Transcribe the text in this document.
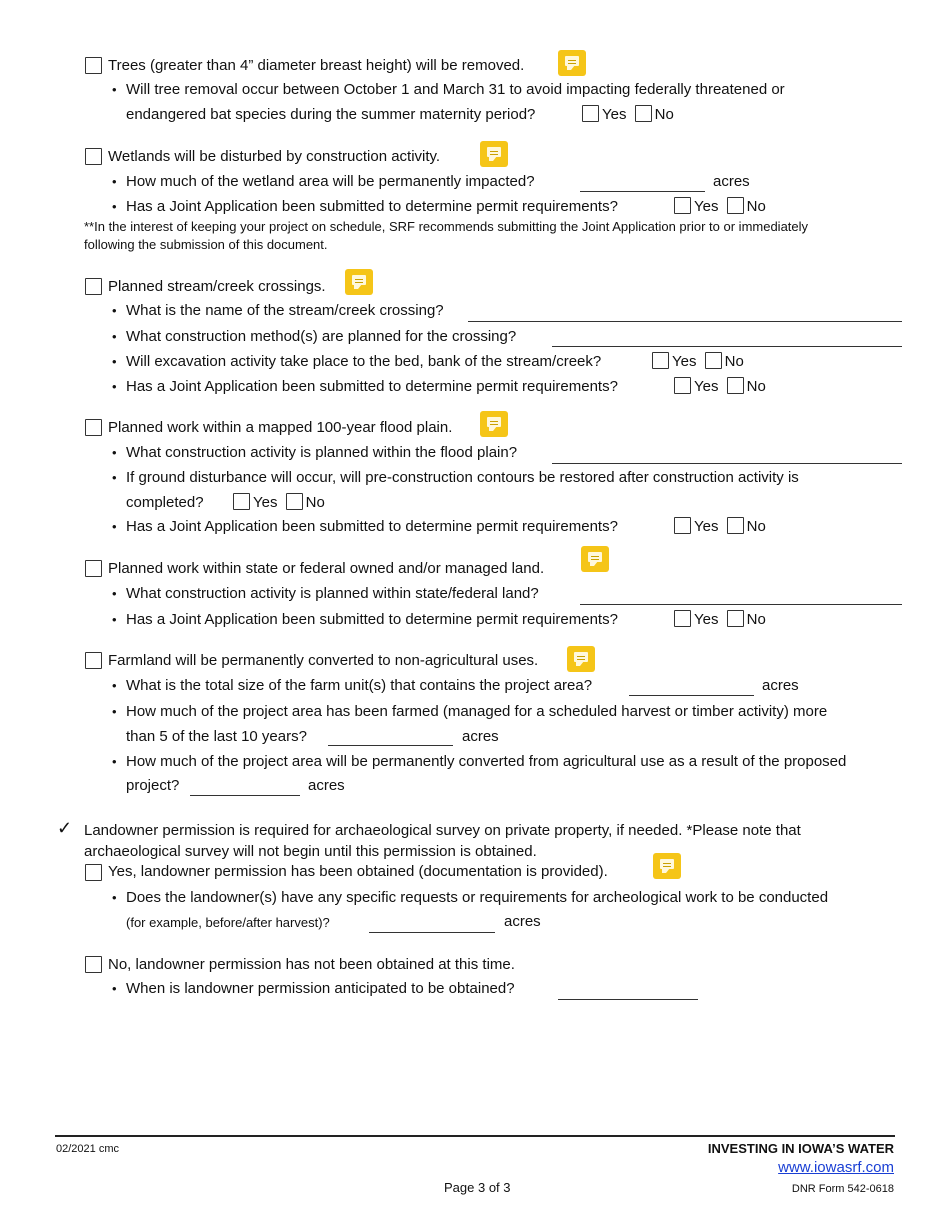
Trees (greater than 4” diameter breast height) will be removed.
• Will tree removal occur between October 1 and March 31 to avoid impacting federally threatened or
endangered bat species during the summer maternity period?	Yes No
Wetlands will be disturbed by construction activity.
• How much of the wetland area will be permanently impacted?	acres
• Has a Joint Application been submitted to determine permit requirements?	Yes No
**In the interest of keeping your project on schedule, SRF recommends submitting the Joint Application prior to or immediately
following the submission of this document.
Planned stream/creek crossings.
• What is the name of the stream/creek crossing?
• What construction method(s) are planned for the crossing?
• Will excavation activity take place to the bed, bank of the stream/creek?	Yes No
• Has a Joint Application been submitted to determine permit requirements?	Yes No
Planned work within a mapped 100-year flood plain.
• What construction activity is planned within the flood plain?
• If ground disturbance will occur, will pre-construction contours be restored after construction activity is
completed?	Yes No
• Has a Joint Application been submitted to determine permit requirements?	Yes No
Planned work within state or federal owned and/or managed land.
• What construction activity is planned within state/federal land?
• Has a Joint Application been submitted to determine permit requirements?	Yes No
Farmland will be permanently converted to non-agricultural uses.
• What is the total size of the farm unit(s) that contains the project area?	acres
• How much of the project area has been farmed (managed for a scheduled harvest or timber activity) more
than 5 of the last 10 years?	acres
• How much of the project area will be permanently converted from agricultural use as a result of the proposed
project?	acres
✓ Landowner permission is required for archaeological survey on private property, if needed. *Please note that
archaeological survey will not begin until this permission is obtained.
Yes, landowner permission has been obtained (documentation is provided).
• Does the landowner(s) have any specific requests or requirements for archeological work to be conducted
(for example, before/after harvest)?	acres
No, landowner permission has not been obtained at this time.
• When is landowner permission anticipated to be obtained?
02/2021 cmc	INVESTING IN IOWA’S WATER
www.iowasrf.com
Page 3 of 3	DNR Form 542-0618
